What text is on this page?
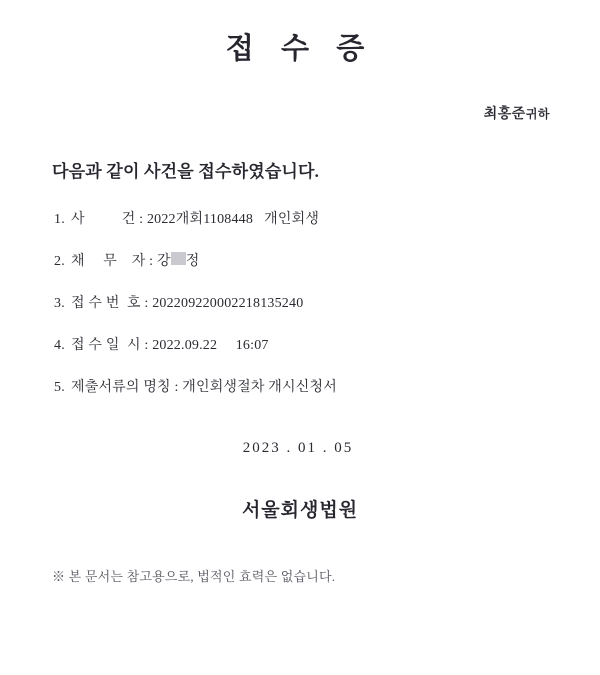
접 수 증
최홍준귀하
다음과 같이 사건을 접수하였습니다.
1. 사          건 : 2022개회1108448   개인회생
2. 채     무    자 : 강 정
3. 접 수 번  호 : 202209220002218135240
4. 접 수 일  시 : 2022.09.22     16:07
5. 제출서류의 명칭 : 개인회생절차 개시신청서
2023 . 01 . 05
서울회생법원
※ 본 문서는 참고용으로, 법적인 효력은 없습니다.
